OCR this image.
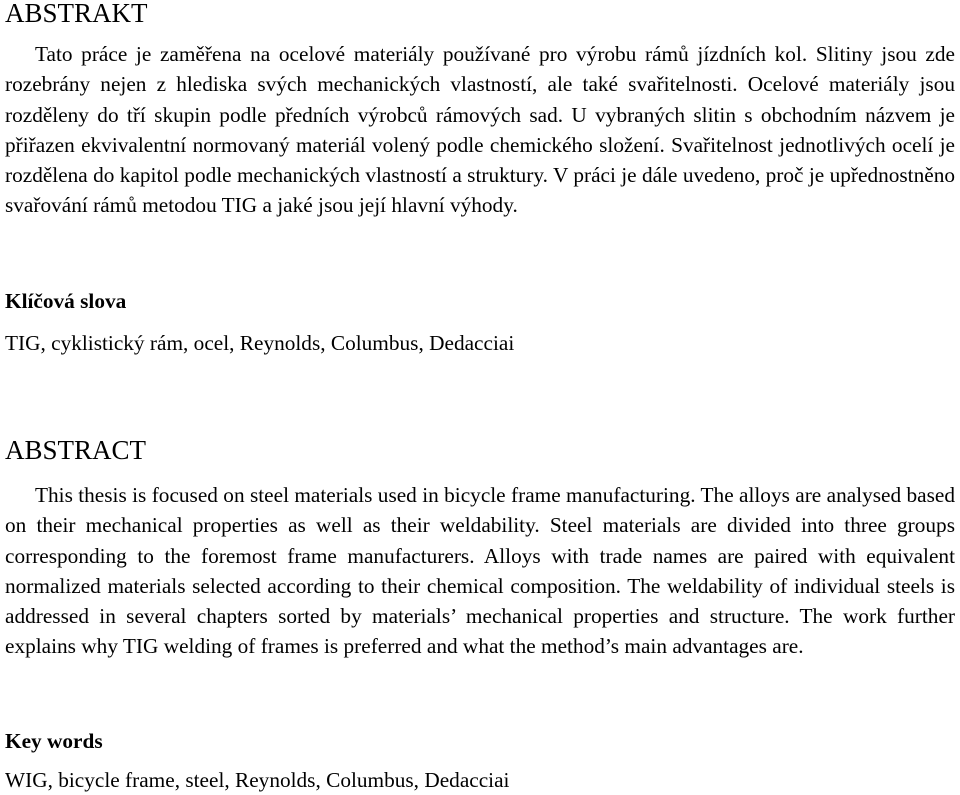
ABSTRAKT

Tato práce je zaměřena na ocelové materiály používané pro výrobu rámů jízdních kol. Slitiny jsou zde rozebrány nejen z hlediska svých mechanických vlastností, ale také svařitelnosti. Ocelové materiály jsou rozděleny do tří skupin podle předních výrobců rámových sad. U vybraných slitin s obchodním názvem je přiřazen ekvivalentní normovaný materiál volený podle chemického složení. Svařitelnost jednotlivých ocelí je rozdělena do kapitol podle mechanických vlastností a struktury. V práci je dále uvedeno, proč je upřednostněno svařování rámů metodou TIG a jaké jsou její hlavní výhody.

Klíčová slova

TIG, cyklistický rám, ocel, Reynolds, Columbus, Dedacciai

ABSTRACT

This thesis is focused on steel materials used in bicycle frame manufacturing. The alloys are analysed based on their mechanical properties as well as their weldability. Steel materials are divided into three groups corresponding to the foremost frame manufacturers. Alloys with trade names are paired with equivalent normalized materials selected according to their chemical composition. The weldability of individual steels is addressed in several chapters sorted by materials’ mechanical properties and structure. The work further explains why TIG welding of frames is preferred and what the method’s main advantages are.

Key words

WIG, bicycle frame, steel, Reynolds, Columbus, Dedacciai
